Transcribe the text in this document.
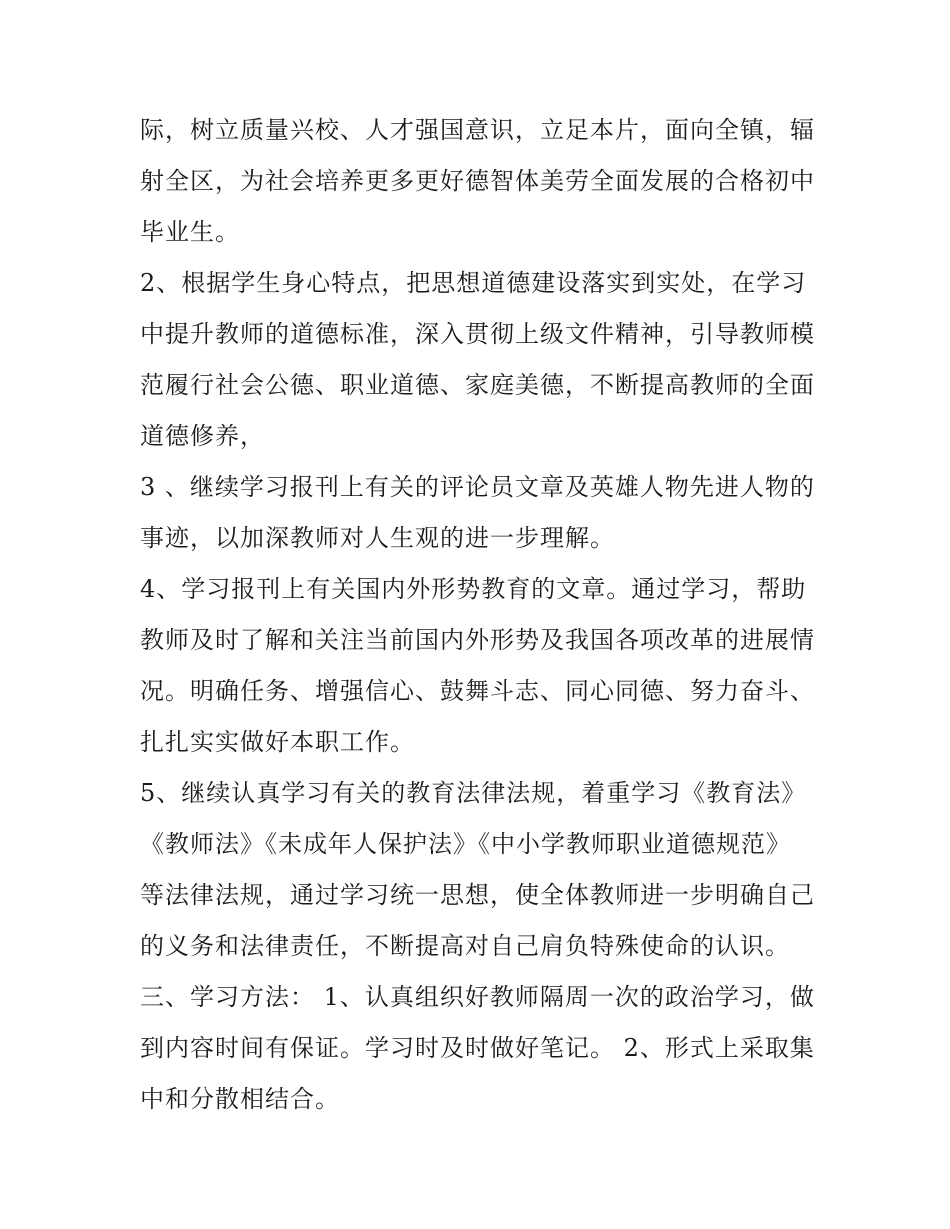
际，树立质量兴校、人才强国意识，立足本片，面向全镇，辐
射全区，为社会培养更多更好德智体美劳全面发展的合格初中
毕业生。
2、根据学生身心特点，把思想道德建设落实到实处，在学习
中提升教师的道德标准，深入贯彻上级文件精神，引导教师模
范履行社会公德、职业道德、家庭美德，不断提高教师的全面
道德修养，
3 、继续学习报刊上有关的评论员文章及英雄人物先进人物的
事迹，以加深教师对人生观的进一步理解。
4、学习报刊上有关国内外形势教育的文章。通过学习，帮助
教师及时了解和关注当前国内外形势及我国各项改革的进展情
况。明确任务、增强信心、鼓舞斗志、同心同德、努力奋斗、
扎扎实实做好本职工作。
5、继续认真学习有关的教育法律法规，着重学习《教育法》
《教师法》《未成年人保护法》《中小学教师职业道德规范》
等法律法规，通过学习统一思想，使全体教师进一步明确自己
的义务和法律责任，不断提高对自己肩负特殊使命的认识。
三、学习方法： 1、认真组织好教师隔周一次的政治学习，做
到内容时间有保证。学习时及时做好笔记。 2、形式上采取集
中和分散相结合。
